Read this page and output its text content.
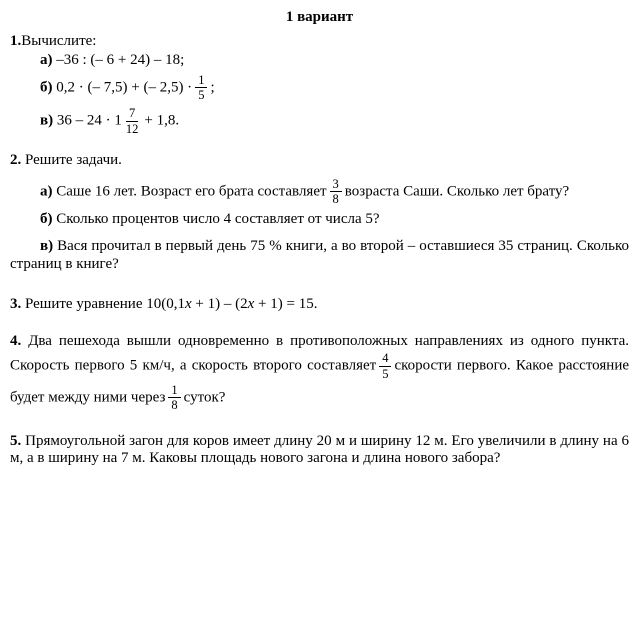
1 вариант

1.Вычислите:

а) –36 : (– 6 + 24) – 18;

б) 0,2 · (– 7,5) + (– $2,5) \cdot \frac{1}{5}$ ;

в) $36 - 24 \cdot 1 \frac{7}{12} + 1,8$.

2. Решите задачи.

а) Саше 16 лет. Возраст его брата составляет $\frac{3}{8}$ возраста Саши. Сколько лет брату?

б) Сколько процентов число 4 составляет от числа 5?

в) Вася прочитал в первый день 75 % книги, а во второй – оставшиеся 35 страниц. Сколько страниц в книге?

3. Решите уравнение 10(0,1x + 1) – (2x + 1) = 15.

4. Два пешехода вышли одновременно в противоположных направлениях из одного пункта. Скорость первого 5 км/ч, а скорость второго составляет $\frac{4}{5}$ скорости первого. Какое расстояние будет между ними через $\frac{1}{8}$ суток?

5. Прямоугольной загон для коров имеет длину 20 м и ширину 12 м. Его увеличили в длину на 6 м, а в ширину на 7 м. Каковы площадь нового загона и длина нового забора?
